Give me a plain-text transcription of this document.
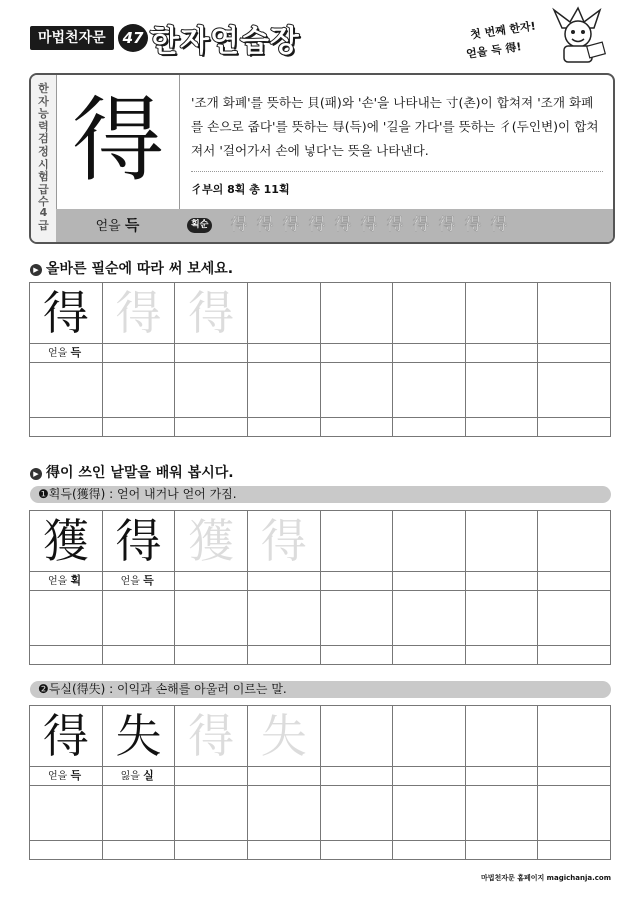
마법천자문	47 한자연습장	첫 번째 한자!
얻을 득 得!
한
자
능
력
검
정
시
험
급
수
4
급
得	'조개 화폐'를 뜻하는 貝(패)와 '손'을 나타내는 寸(촌)이 합쳐져 '조개 화폐를 손으로 줍다'를 뜻하는 㝵(득)에 '길을 가다'를 뜻하는 彳(두인변)이 합쳐져서 '걸어가서 손에 넣다'는 뜻을 나타낸다.
彳부의 8획 총 11획
얻을 득	획순 得 得 得 得 得 得 得 得 得 得 得
▶ 올바른 필순에 따라 써 보세요.
得	得	得					

얻을 득							

▶ 得이 쓰인 낱말을 배워 봅시다.
❶획득(獲得) : 얻어 내거나 얻어 가짐.
獲	得	獲	得				

얻을 획	얻을 득						

❷득실(得失) : 이익과 손해를 아울러 이르는 말.
得	失	得	失				

얻을 득	잃을 실						

마법천자문 홈페이지 magichanja.com
